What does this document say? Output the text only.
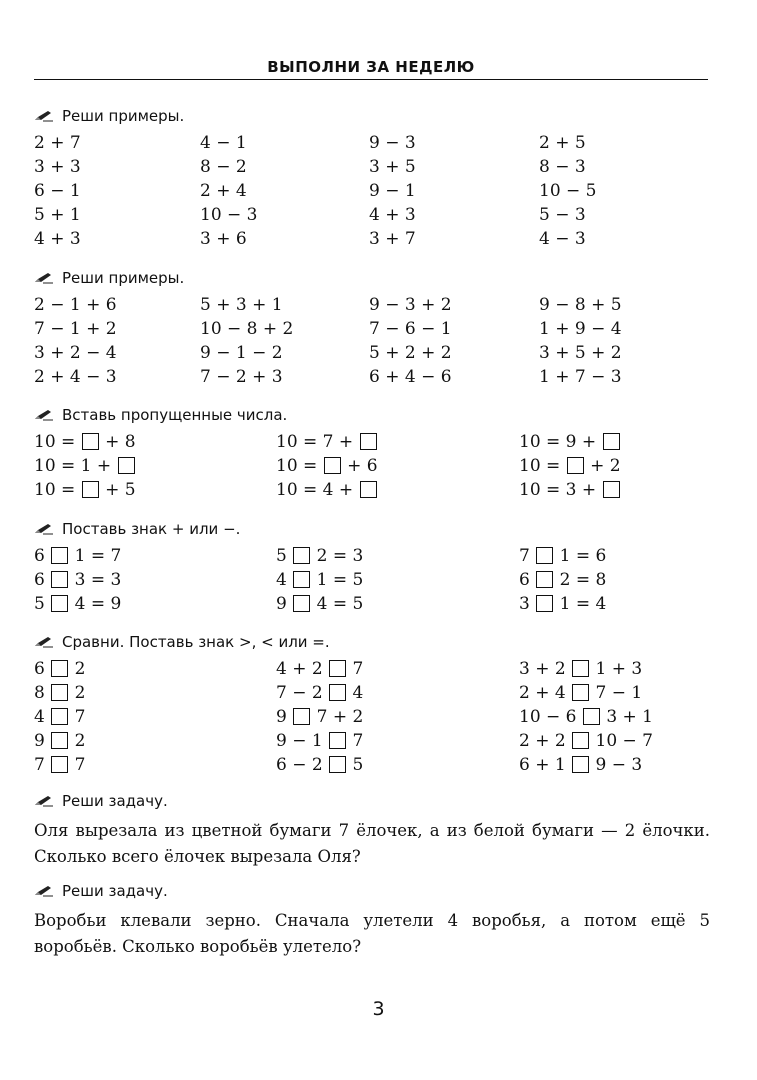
ВЫПОЛНИ ЗА НЕДЕЛЮ
Реши примеры.
2 + 7	4 − 1	9 − 3	2 + 5
3 + 3	8 − 2	3 + 5	8 − 3
6 − 1	2 + 4	9 − 1	10 − 5
5 + 1	10 − 3	4 + 3	5 − 3
4 + 3	3 + 6	3 + 7	4 − 3
Реши примеры.
2 − 1 + 6	5 + 3 + 1	9 − 3 + 2	9 − 8 + 5
7 − 1 + 2	10 − 8 + 2	7 − 6 − 1	1 + 9 − 4
3 + 2 − 4	9 − 1 − 2	5 + 2 + 2	3 + 5 + 2
2 + 4 − 3	7 − 2 + 3	6 + 4 − 6	1 + 7 − 3
Вставь пропущенные числа.
10 = + 8	10 = 7 +	10 = 9 +
10 = 1 +	10 = + 6	10 = + 2
10 = + 5	10 = 4 +	10 = 3 +
Поставь знак + или −.
6 1 = 7	5 2 = 3	7 1 = 6
6 3 = 3	4 1 = 5	6 2 = 8
5 4 = 9	9 4 = 5	3 1 = 4
Сравни. Поставь знак >, < или =.
6 2	4 + 2 7	3 + 2 1 + 3
8 2	7 − 2 4	2 + 4 7 − 1
4 7	9 7 + 2	10 − 6 3 + 1
9 2	9 − 1 7	2 + 2 10 − 7
7 7	6 − 2 5	6 + 1 9 − 3
Реши задачу.
Оля вырезала из цветной бумаги 7 ёлочек, а из белой бумаги — 2 ёлочки. Сколько всего ёлочек вырезала Оля?
Реши задачу.
Воробьи клевали зерно. Сначала улетели 4 воробья, а потом ещё 5 воробьёв. Сколько воробьёв улетело?
3
